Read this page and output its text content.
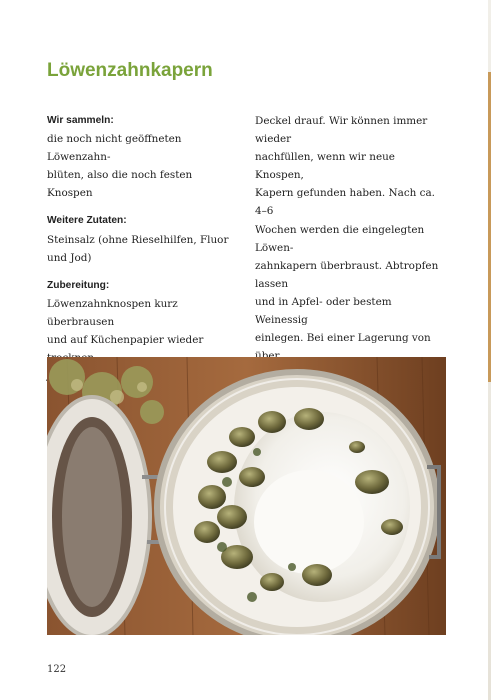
Löwenzahnkapern

Wir sammeln:

die noch nicht geöffneten Löwenzahn-

blüten, also die noch festen Knospen

Weitere Zutaten:

Steinsalz (ohne Rieselhilfen, Fluor

und Jod)

Zubereitung:

Löwenzahnknospen kurz überbrausen

und auf Küchenpapier wieder

Deckel drauf. Wir können immer wieder

nachfüllen, wenn wir neue Knospen,

Kapern gefunden haben. Nach ca. 4–6

Wochen werden die eingelegten Löwen-

zahnkapern überbraust. Abtropfen lassen

und in Apfel- oder bestem Weinessig

einlegen. Bei einer Lagerung von

122
